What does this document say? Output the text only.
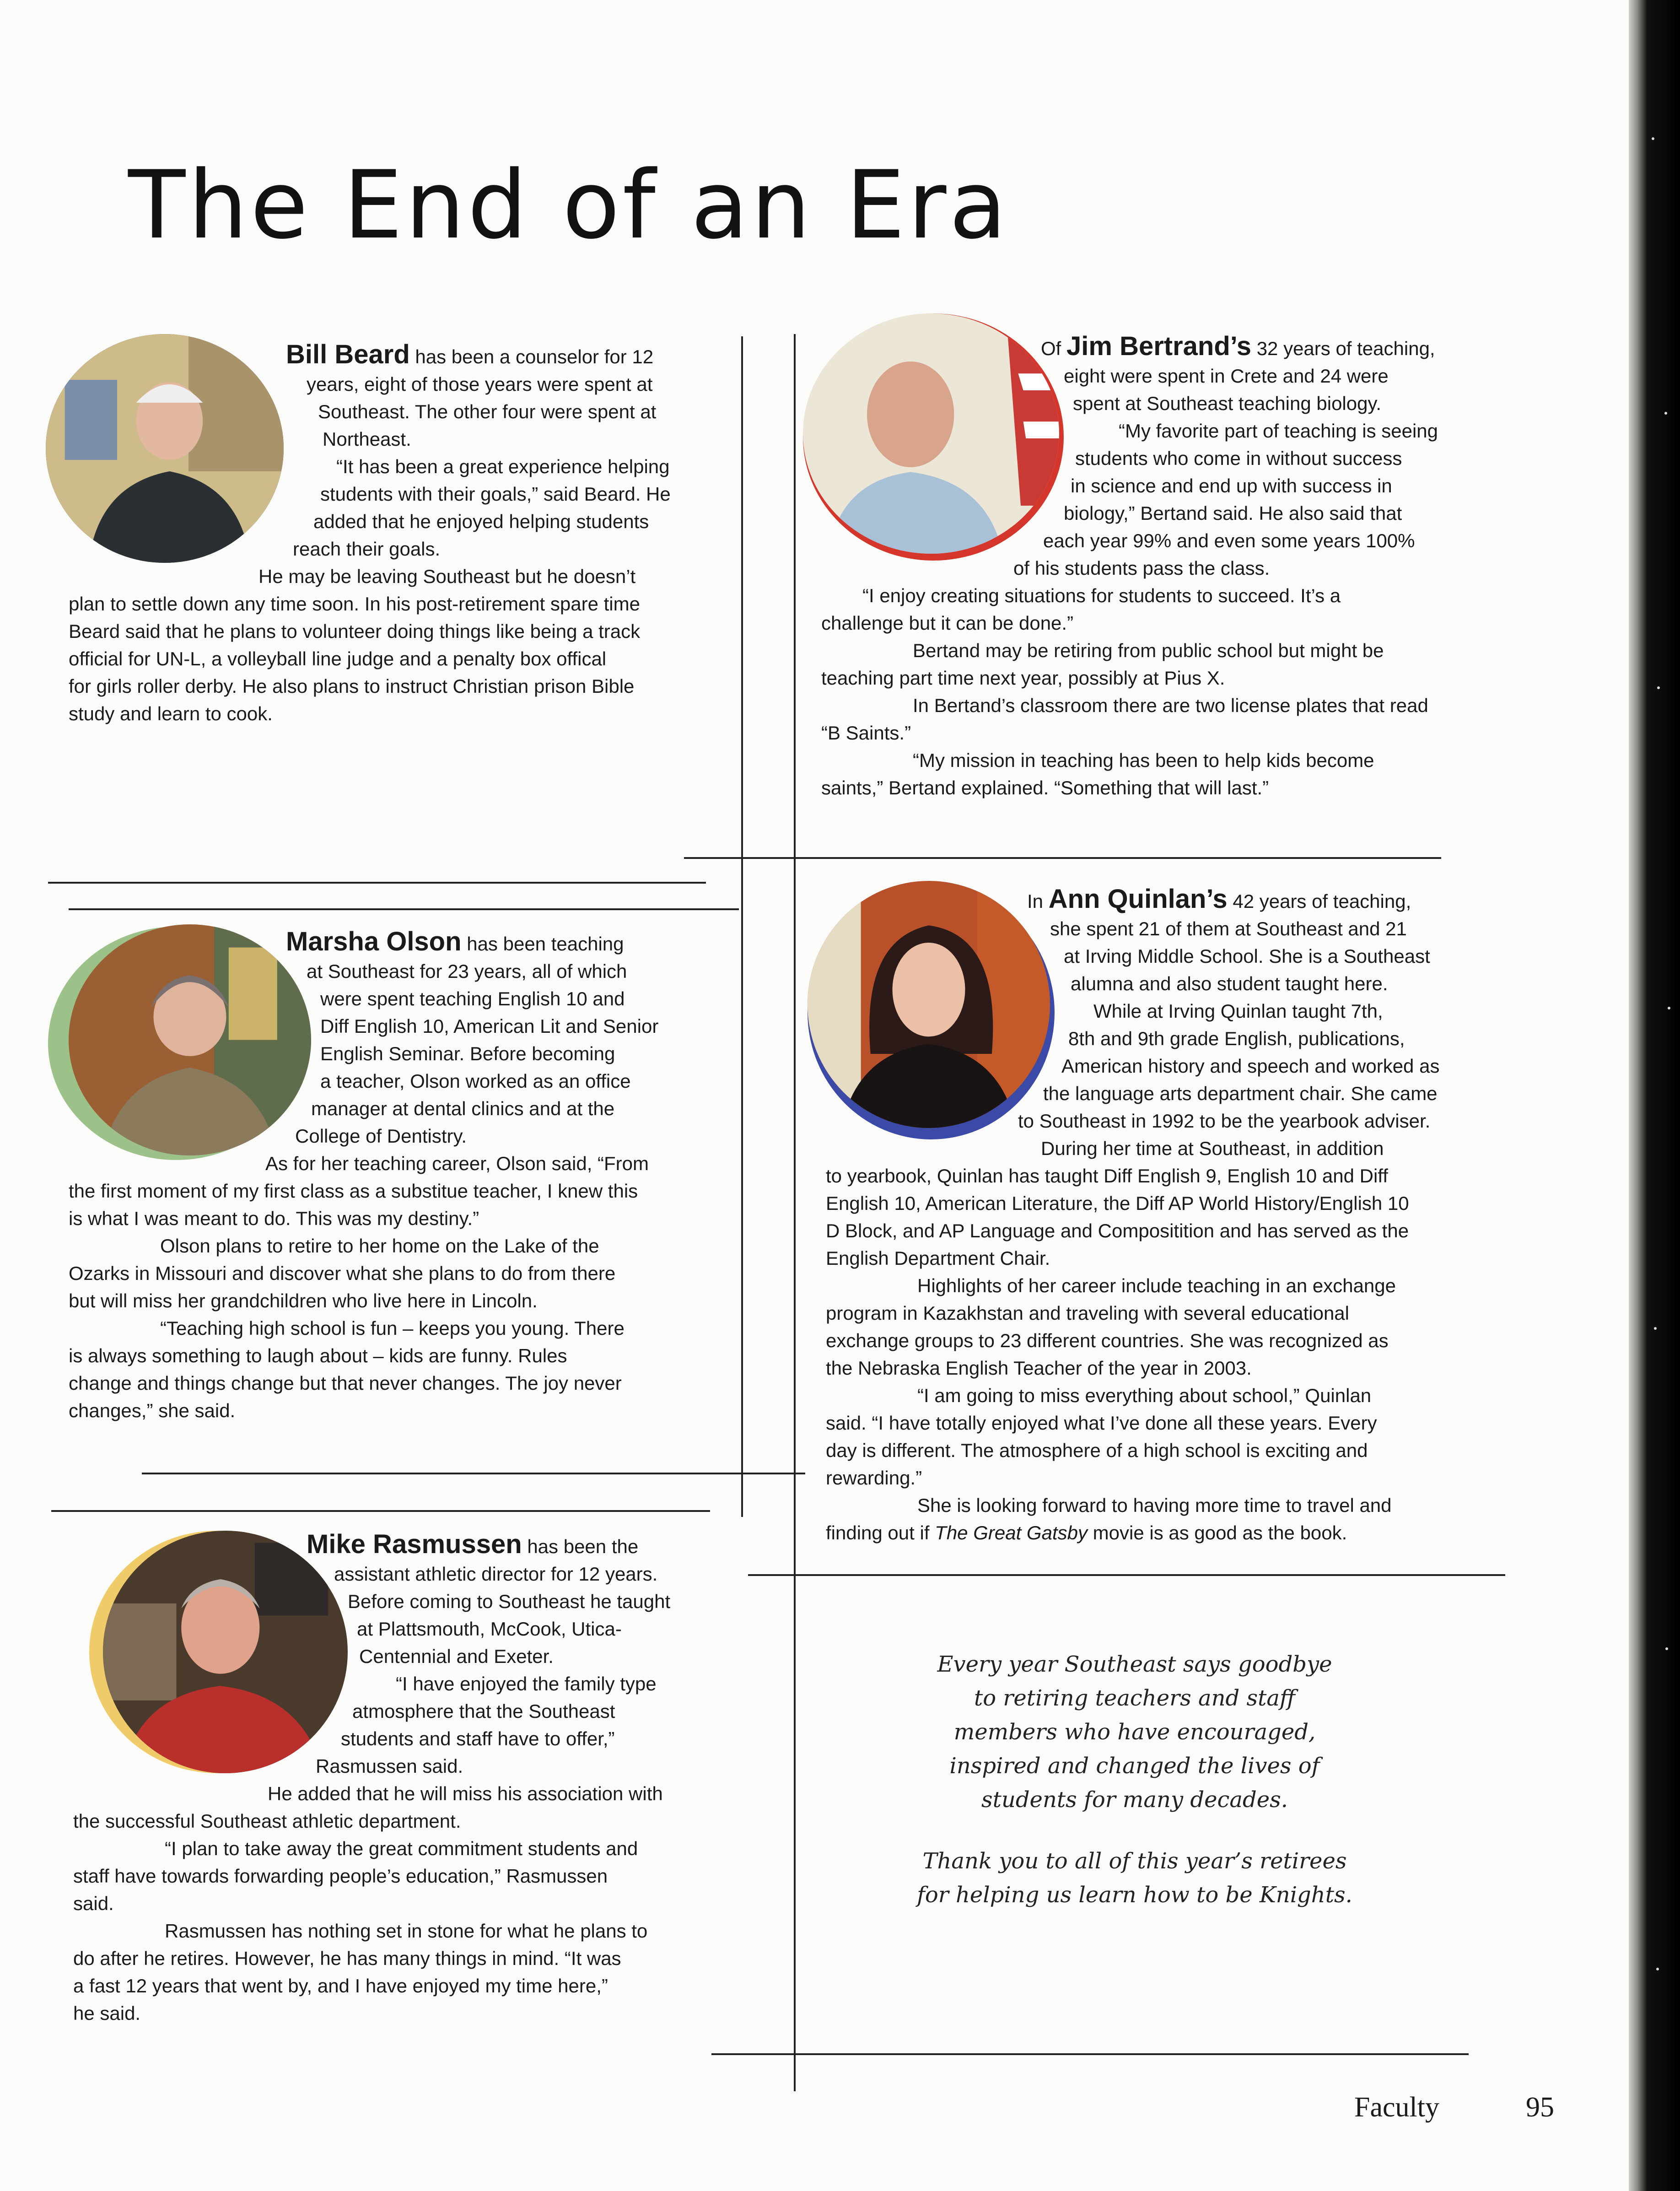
The End of an Era

Bill Beard has been a counselor for 12

years, eight of those years were spent at

Southeast. The other four were spent at

Northeast.

“It has been a great experience helping

students with their goals,” said Beard. He

added that he enjoyed helping students

reach their goals.

He may be leaving Southeast but he doesn’t

plan to settle down any time soon. In his post-retirement spare time

Beard said that he plans to volunteer doing things like being a track

official for UN-L, a volleyball line judge and a penalty box offical

for girls roller derby. He also plans to instruct Christian prison Bible

study and learn to cook.

Of Jim Bertrand’s 32 years of teaching,

eight were spent in Crete and 24 were

spent at Southeast teaching biology.

“My favorite part of teaching is seeing

students who come in without success

in science and end up with success in

biology,” Bertand said. He also said that

each year 99% and even some years 100%

of his students pass the class.

“I enjoy creating situations for students to succeed. It’s a

challenge but it can be done.”

Bertand may be retiring from public school but might be

teaching part time next year, possibly at Pius X.

In Bertand’s classroom there are two license plates that read

“B Saints.”

“My mission in teaching has been to help kids become

saints,” Bertand explained. “Something that will last.”

Marsha Olson has been teaching

at Southeast for 23 years, all of which

were spent teaching English 10 and

Diff English 10, American Lit and Senior

English Seminar. Before becoming

a teacher, Olson worked as an office

manager at dental clinics and at the

College of Dentistry.

As for her teaching career, Olson said, “From

the first moment of my first class as a substitue teacher, I knew this

is what I was meant to do. This was my destiny.”

Olson plans to retire to her home on the Lake of the

Ozarks in Missouri and discover what she plans to do from there

but will miss her grandchildren who live here in Lincoln.

“Teaching high school is fun – keeps you young. There

is always something to laugh about – kids are funny. Rules

change and things change but that never changes. The joy never

changes,” she said.

In Ann Quinlan’s 42 years of teaching,

she spent 21 of them at Southeast and 21

at Irving Middle School. She is a Southeast

alumna and also student taught here.

While at Irving Quinlan taught 7th,

8th and 9th grade English, publications,

American history and speech and worked as

the language arts department chair. She came

to Southeast in 1992 to be the yearbook adviser.

During her time at Southeast, in addition

to yearbook, Quinlan has taught Diff English 9, English 10 and Diff

English 10, American Literature, the Diff AP World History/English 10

D Block, and AP Language and Compositition and has served as the

English Department Chair.

Highlights of her career include teaching in an exchange

program in Kazakhstan and traveling with several educational

exchange groups to 23 different countries. She was recognized as

the Nebraska English Teacher of the year in 2003.

“I am going to miss everything about school,” Quinlan

said. “I have totally enjoyed what I’ve done all these years. Every

day is different. The atmosphere of a high school is exciting and

rewarding.”

She is looking forward to having more time to travel and

finding out if The Great Gatsby movie is as good as the book.

Mike Rasmussen has been the

assistant athletic director for 12 years.

Before coming to Southeast he taught

at Plattsmouth, McCook, Utica-

Centennial and Exeter.

“I have enjoyed the family type

atmosphere that the Southeast

students and staff have to offer,”

Rasmussen said.

He added that he will miss his association with

the successful Southeast athletic department.

“I plan to take away the great commitment students and

staff have towards forwarding people’s education,” Rasmussen

said.

Rasmussen has nothing set in stone for what he plans to

do after he retires. However, he has many things in mind. “It was

a fast 12 years that went by, and I have enjoyed my time here,”

he said.

Every year Southeast says goodbye
to retiring teachers and staff
members who have encouraged,
inspired and changed the lives of
students for many decades.
Thank you to all of this year’s retirees
for helping us learn how to be Knights.
Faculty	95
